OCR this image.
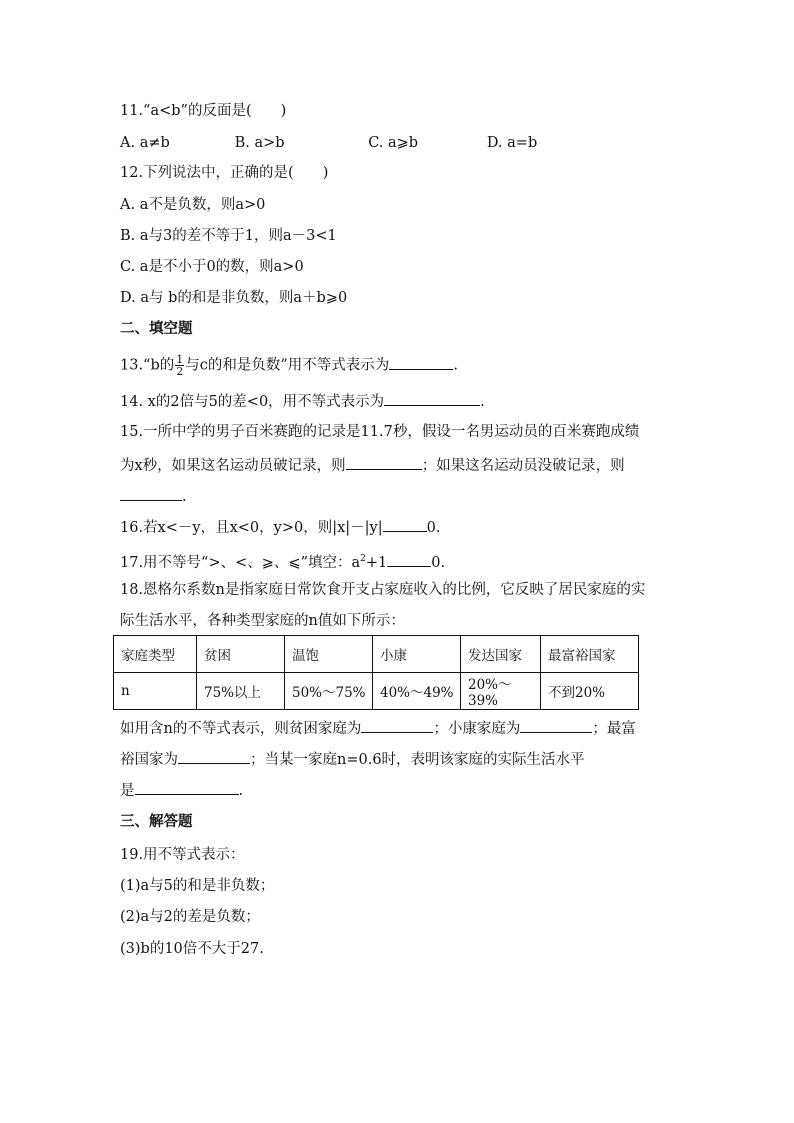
11.“a<b”的反面是(　　)
A. a≠b	B. a>b	C. a⩾b	D. a=b
12.下列说法中，正确的是(　　)
A. a不是负数，则a>0
B. a与3的差不等于1，则a－3<1
C. a是不小于0的数，则a>0
D. a与 b的和是非负数，则a＋b⩾0
二、填空题
13.“b的 $\frac{1}{2}$ 与c的和是负数”用不等式表示为	.
14. x的2倍与5的差<0，用不等式表示为	.
15.一所中学的男子百米赛跑的记录是11.7秒，假设一名男运动员的百米赛跑成绩
为x秒，如果这名运动员破记录，则	；如果这名运动员没破记录，则
.
16.若x<－y，且x<0，y>0，则|x|－|y|	0.
17.用不等号“>、<、⩾、⩽”填空：$a^2+1$	0.
18.恩格尔系数n是指家庭日常饮食开支占家庭收入的比例，它反映了居民家庭的实
际生活水平，各种类型家庭的n值如下所示：
家庭类型	贫困	温饱	小康	发达国家	最富裕国家
n	75%以上	50%～75%	40%～49%	20%～39%	不到20%
如用含n的不等式表示，则贫困家庭为	；小康家庭为	；最富
裕国家为	；当某一家庭n=0.6时，表明该家庭的实际生活水平
是	.
三、解答题
19.用不等式表示：
(1)a与5的和是非负数；
(2)a与2的差是负数；
(3)b的10倍不大于27.
